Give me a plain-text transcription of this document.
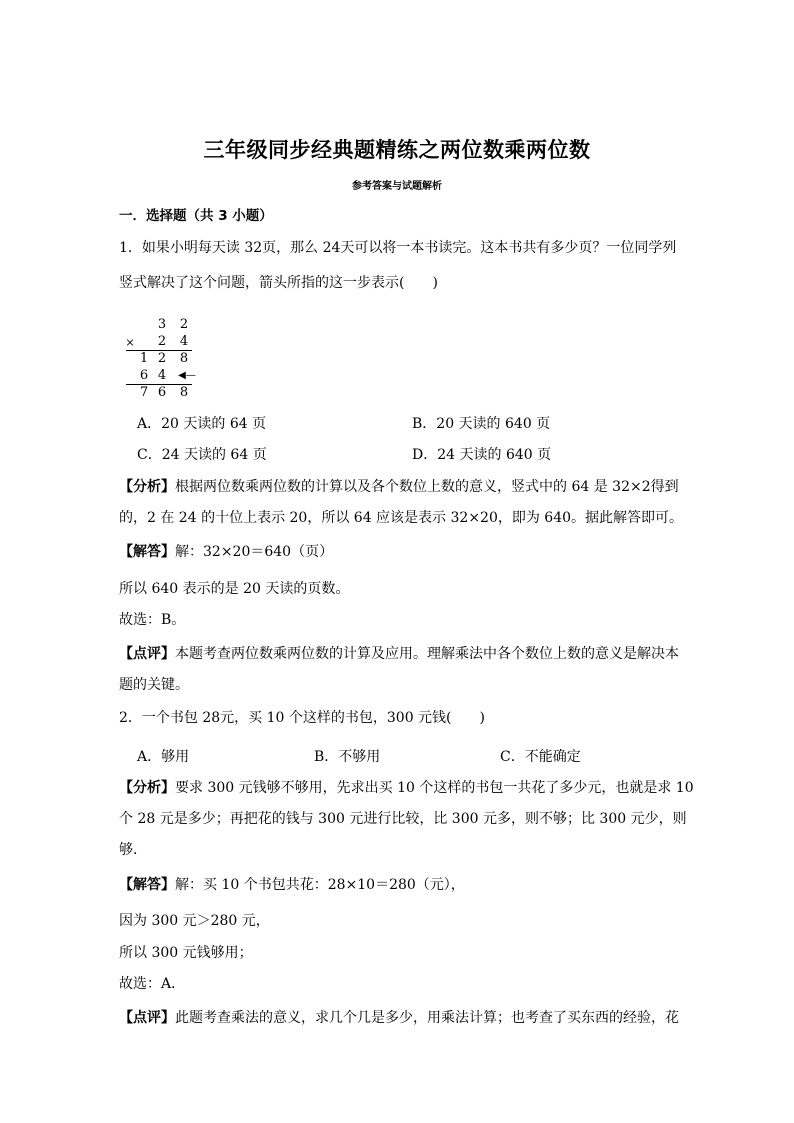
三年级同步经典题精练之两位数乘两位数
参考答案与试题解析
一．选择题（共 3 小题）
1．如果小明每天读 32页，那么 24天可以将一本书读完。这本书共有多少页？一位同学列
竖式解决了这个问题，箭头所指的这一步表示(　　)
3 2
× 2 4
1 2 8
6 4	◀—
7 6 8
A．20 天读的 64 页	B．20 天读的 640 页
C．24 天读的 64 页	D．24 天读的 640 页
【分析】根据两位数乘两位数的计算以及各个数位上数的意义，竖式中的 64 是 32×2得到
的，2 在 24 的十位上表示 20，所以 64 应该是表示 32×20，即为 640。据此解答即可。
【解答】解：32×20＝640（页）
所以 640 表示的是 20 天读的页数。
故选：B。
【点评】本题考查两位数乘两位数的计算及应用。理解乘法中各个数位上数的意义是解决本
题的关键。
2．一个书包 28元，买 10 个这样的书包，300 元钱(　　)
A．够用	B．不够用	C．不能确定
【分析】要求 300 元钱够不够用，先求出买 10 个这样的书包一共花了多少元，也就是求 10
个 28 元是多少；再把花的钱与 300 元进行比较，比 300 元多，则不够；比 300 元少，则
够．
【解答】解：买 10 个书包共花：28×10＝280（元），
因为 300 元＞280 元，
所以 300 元钱够用；
故选：A．
【点评】此题考查乘法的意义，求几个几是多少，用乘法计算；也考查了买东西的经验，花
